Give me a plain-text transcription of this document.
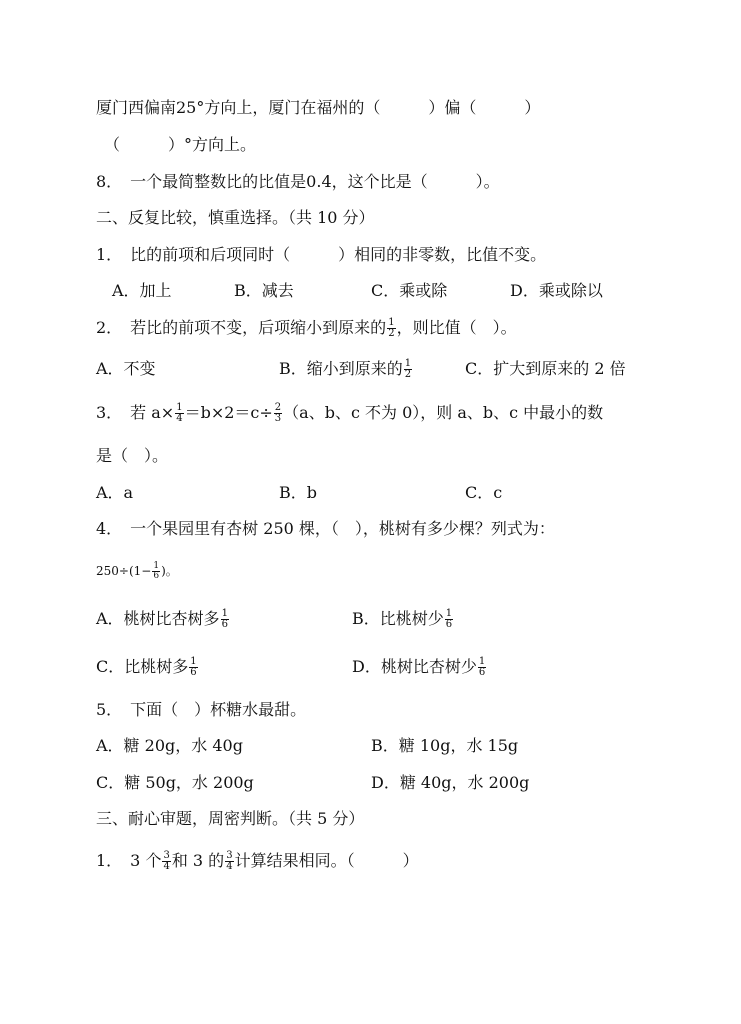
厦门西偏南25°方向上，厦门在福州的（　　　）偏（　　　）
（　　　）°方向上。
8．　一个最简整数比的比值是0.4，这个比是（　　　）。
二、反复比较，慎重选择。（共 10 分）
1．　比的前项和后项同时（　　　）相同的非零数，比值不变。
A．加上	B．减去	C．乘或除	D．乘或除以
2．　若比的前项不变，后项缩小到原来的 $\frac{1}{2}$ ，则比值（　）。
A．不变	B．缩小到原来的 $\frac{1}{2}$	C．扩大到原来的 2 倍
3．　若 $a\times \frac{1}{4} =b\times 2=c\div \frac{2}{3} (a$、b、c 不为 0），则 a、b、c 中最小的数
是（　）。
A．a	B．b	C．c
4．　一个果园里有杏树 250 棵，（　），桃树有多少棵？列式为：
$250\div(1- \frac{1}{6}$ )。
A．桃树比杏树多 $\frac{1}{6}$	B．比桃树少 $\frac{1}{6}$
C．比桃树多 $\frac{1}{6}$	D．桃树比杏树少 $\frac{1}{6}$
5．　下面（　）杯糖水最甜。
A．糖 20g，水 40g	B．糖 10g，水 15g
C．糖 50g，水 200g	D．糖 40g，水 200g
三、耐心审题，周密判断。（共 5 分）
1．　3 个 $\frac{3}{4}$ 和 3 的 $\frac{3}{4}$ 计算结果相同。（　　　）
